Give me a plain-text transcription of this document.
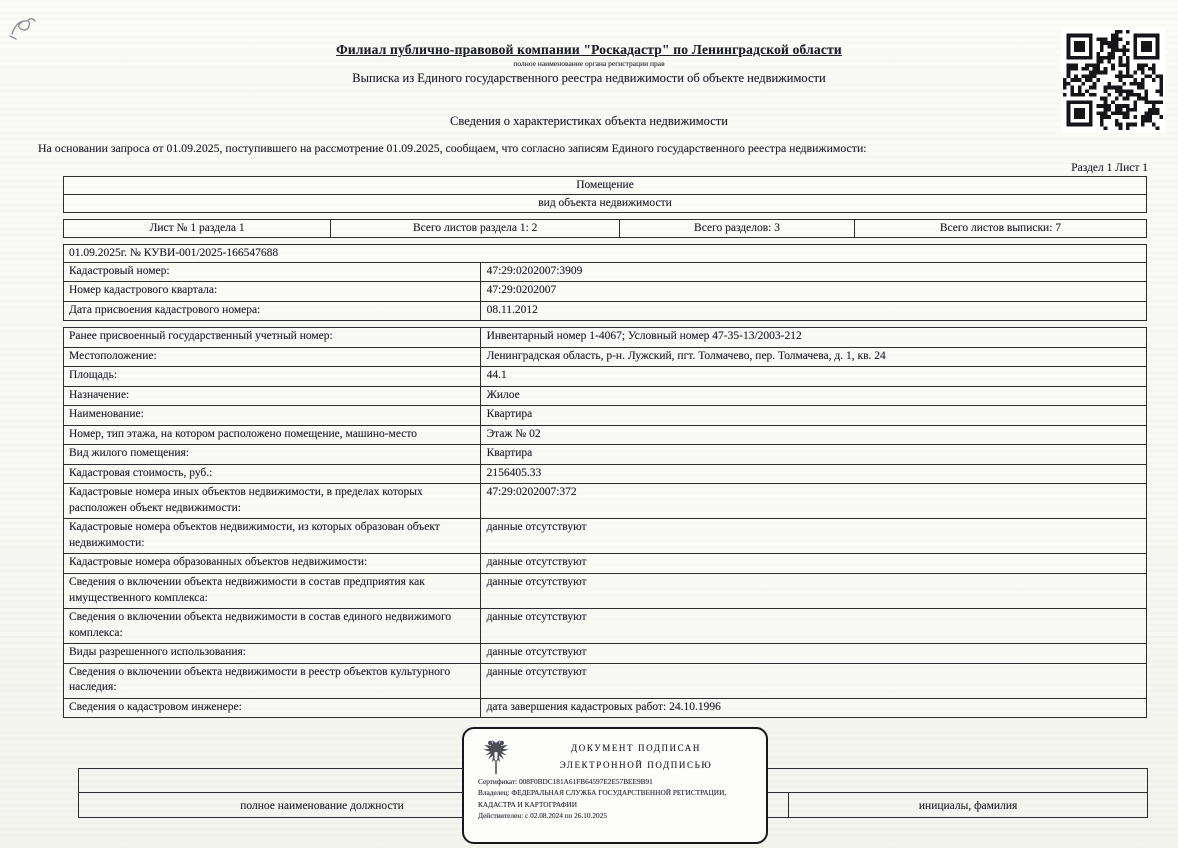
Филиал публично-правовой компании "Роскадастр" по Ленинградской области
полное наименование органа регистрации прав
Выписка из Единого государственного реестра недвижимости об объекте недвижимости
Сведения о характеристиках объекта недвижимости
На основании запроса от 01.09.2025, поступившего на рассмотрение 01.09.2025, сообщаем, что согласно записям Единого государственного реестра недвижимости:
Раздел 1 Лист 1
Помещение
вид объекта недвижимости
Лист № 1 раздела 1	Всего листов раздела 1: 2	Всего разделов: 3	Всего листов выписки: 7
01.09.2025г. № КУВИ-001/2025-166547688
Кадастровый номер:	47:29:0202007:3909
Номер кадастрового квартала:	47:29:0202007
Дата присвоения кадастрового номера:	08.11.2012
Ранее присвоенный государственный учетный номер:	Инвентарный номер 1-4067; Условный номер 47-35-13/2003-212
Местоположение:	Ленинградская область, р-н. Лужский, пгт. Толмачево, пер. Толмачева, д. 1, кв. 24
Площадь:	44.1
Назначение:	Жилое
Наименование:	Квартира
Номер, тип этажа, на котором расположено помещение, машино-место	Этаж № 02
Вид жилого помещения:	Квартира
Кадастровая стоимость, руб.:	2156405.33
Кадастровые номера иных объектов недвижимости, в пределах которых расположен объект недвижимости:
47:29:0202007:372
Кадастровые номера объектов недвижимости, из которых образован объект недвижимости:
данные отсутствуют
Кадастровые номера образованных объектов недвижимости:	данные отсутствуют
Сведения о включении объекта недвижимости в состав предприятия как имущественного комплекса:
данные отсутствуют
Сведения о включении объекта недвижимости в состав единого недвижимого комплекса:
данные отсутствуют
Виды разрешенного использования:	данные отсутствуют
Сведения о включении объекта недвижимости в реестр объектов культурного наследия:
данные отсутствуют
Сведения о кадастровом инженере:	дата завершения кадастровых работ: 24.10.1996
полное наименование должности	инициалы, фамилия
ДОКУМЕНТ ПОДПИСАН
ЭЛЕКТРОННОЙ ПОДПИСЬЮ
Сертификат: 008F0BDC181A61FB64597E2E57BEE9B91
Владелец: ФЕДЕРАЛЬНАЯ СЛУЖБА ГОСУДАРСТВЕННОЙ РЕГИСТРАЦИИ, КАДАСТРА И КАРТОГРАФИИ
Действителен: с 02.08.2024 по 26.10.2025
